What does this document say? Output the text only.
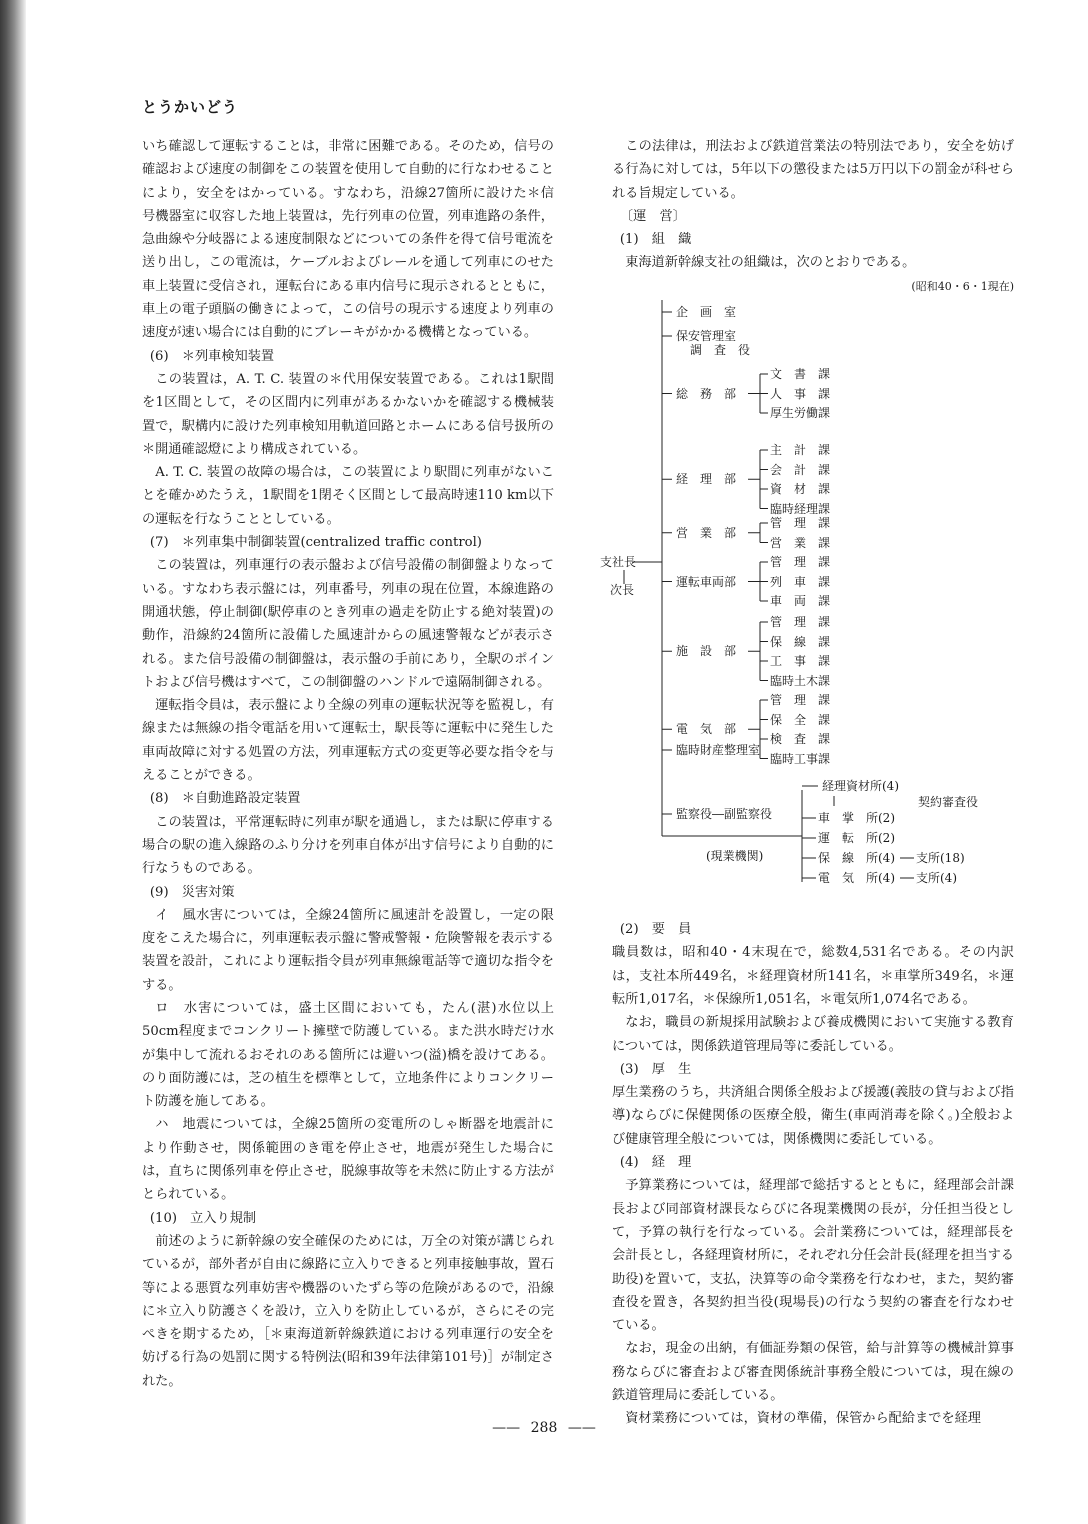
とうかいどう

いち確認して運転することは，非常に困難である。そのため，信号の確認および速度の制御をこの装置を使用して自動的に行なわせることにより，安全をはかっている。すなわち，沿線27箇所に設けた＊信号機器室に収容した地上装置は，先行列車の位置，列車進路の条件，急曲線や分岐器による速度制限などについての条件を得て信号電流を送り出し，この電流は，ケーブルおよびレールを通して列車にのせた車上装置に受信され，運転台にある車内信号に現示されるとともに，車上の電子頭脳の働きによって，この信号の現示する速度より列車の速度が速い場合には自動的にブレーキがかかる機構となっている。

(6)　＊列車検知装置

この装置は，A. T. C. 装置の＊代用保安装置である。これは1駅間を1区間として，その区間内に列車があるかないかを確認する機械装置で，駅構内に設けた列車検知用軌道回路とホームにある信号扱所の＊開通確認燈により構成されている。

A. T. C. 装置の故障の場合は，この装置により駅間に列車がないことを確かめたうえ，1駅間を1閉そく区間として最高時速110 km以下の運転を行なうこととしている。

(7)　＊列車集中制御装置(centralized traffic control)

この装置は，列車運行の表示盤および信号設備の制御盤よりなっている。すなわち表示盤には，列車番号，列車の現在位置，本線進路の開通状態，停止制御(駅停車のとき列車の過走を防止する絶対装置)の動作，沿線約24箇所に設備した風速計からの風速警報などが表示される。また信号設備の制御盤は，表示盤の手前にあり，全駅のポイントおよび信号機はすべて，この制御盤のハンドルで遠隔制御される。

運転指令員は，表示盤により全線の列車の運転状況等を監視し，有線または無線の指令電話を用いて運転士，駅長等に運転中に発生した車両故障に対する処置の方法，列車運転方式の変更等必要な指令を与えることができる。

(8)　＊自動進路設定装置

この装置は，平常運転時に列車が駅を通過し，または駅に停車する場合の駅の進入線路のふり分けを列車自体が出す信号により自動的に行なうものである。

(9)　災害対策

イ　風水害については，全線24箇所に風速計を設置し，一定の限度をこえた場合に，列車運転表示盤に警戒警報・危険警報を表示する装置を設計，これにより運転指令員が列車無線電話等で適切な指令をする。

ロ　水害については，盛土区間においても，たん(湛)水位以上50cm程度までコンクリート擁壁で防護している。また洪水時だけ水が集中して流れるおそれのある箇所には避いつ(溢)橋を設けてある。のり面防護には，芝の植生を標準として，立地条件によりコンクリート防護を施してある。

ハ　地震については，全線25箇所の変電所のしゃ断器を地震計により作動させ，関係範囲のき電を停止させ，地震が発生した場合には，直ちに関係列車を停止させ，脱線事故等を未然に防止する方法がとられている。

(10)　立入り規制

前述のように新幹線の安全確保のためには，万全の対策が講じられているが，部外者が自由に線路に立入りできると列車接触事故，置石等による悪質な列車妨害や機器のいたずら等の危険があるので，沿線に＊立入り防護さくを設け，立入りを防止しているが，さらにその完ぺきを期するため，［＊東海道新幹線鉄道における列車運行の安全を妨げる行為の処罰に関する特例法(昭和39年法律第101号)］が制定された。

この法律は，刑法および鉄道営業法の特別法であり，安全を妨げる行為に対しては，5年以下の懲役または5万円以下の罰金が科せられる旨規定している。

〔運　営〕

(1)　組　織

東海道新幹線支社の組織は，次のとおりである。

(昭和40・6・1現在)
支社長
次長
企　画　室
保安管理室
調　査　役
総　務　部
文　書　課
人　事　課
厚生労働課
経　理　部
主　計　課
会　計　課
資　材　課
臨時経理課
営　業　部
管　理　課
営　業　課
運転車両部
管　理　課
列　車　課
車　両　課
施　設　部
管　理　課
保　線　課
工　事　課
臨時土木課
電　気　部
管　理　課
保　全　課
検　査　課
臨時工事課
臨時財産整理室
監察役―副監察役
経理資材所(4)
契約審査役
(現業機関)
車　掌　所(2)
運　転　所(2)
保　線　所(4) 支所(18)
電　気　所(4) 支所(4)

(2)　要　員

職員数は，昭和40・4末現在で，総数4,531名である。その内訳は，支社本所449名，＊経理資材所141名，＊車掌所349名，＊運転所1,017名，＊保線所1,051名，＊電気所1,074名である。

なお，職員の新規採用試験および養成機関において実施する教育については，関係鉄道管理局等に委託している。

(3)　厚　生

厚生業務のうち，共済組合関係全般および援護(義肢の貸与および指導)ならびに保健関係の医療全般，衛生(車両消毒を除く。)全般および健康管理全般については，関係機関に委託している。

(4)　経　理

予算業務については，経理部で総括するとともに，経理部会計課長および同部資材課長ならびに各現業機関の長が，分任担当役として，予算の執行を行なっている。会計業務については，経理部長を会計長とし，各経理資材所に，それぞれ分任会計長(経理を担当する助役)を置いて，支払，決算等の命令業務を行なわせ，また，契約審査役を置き，各契約担当役(現場長)の行なう契約の審査を行なわせている。

なお，現金の出納，有価証券類の保管，給与計算等の機械計算事務ならびに審査および審査関係統計事務全般については，現在線の鉄道管理局に委託している。

資材業務については，資材の準備，保管から配給までを経理

—— 288 ——
